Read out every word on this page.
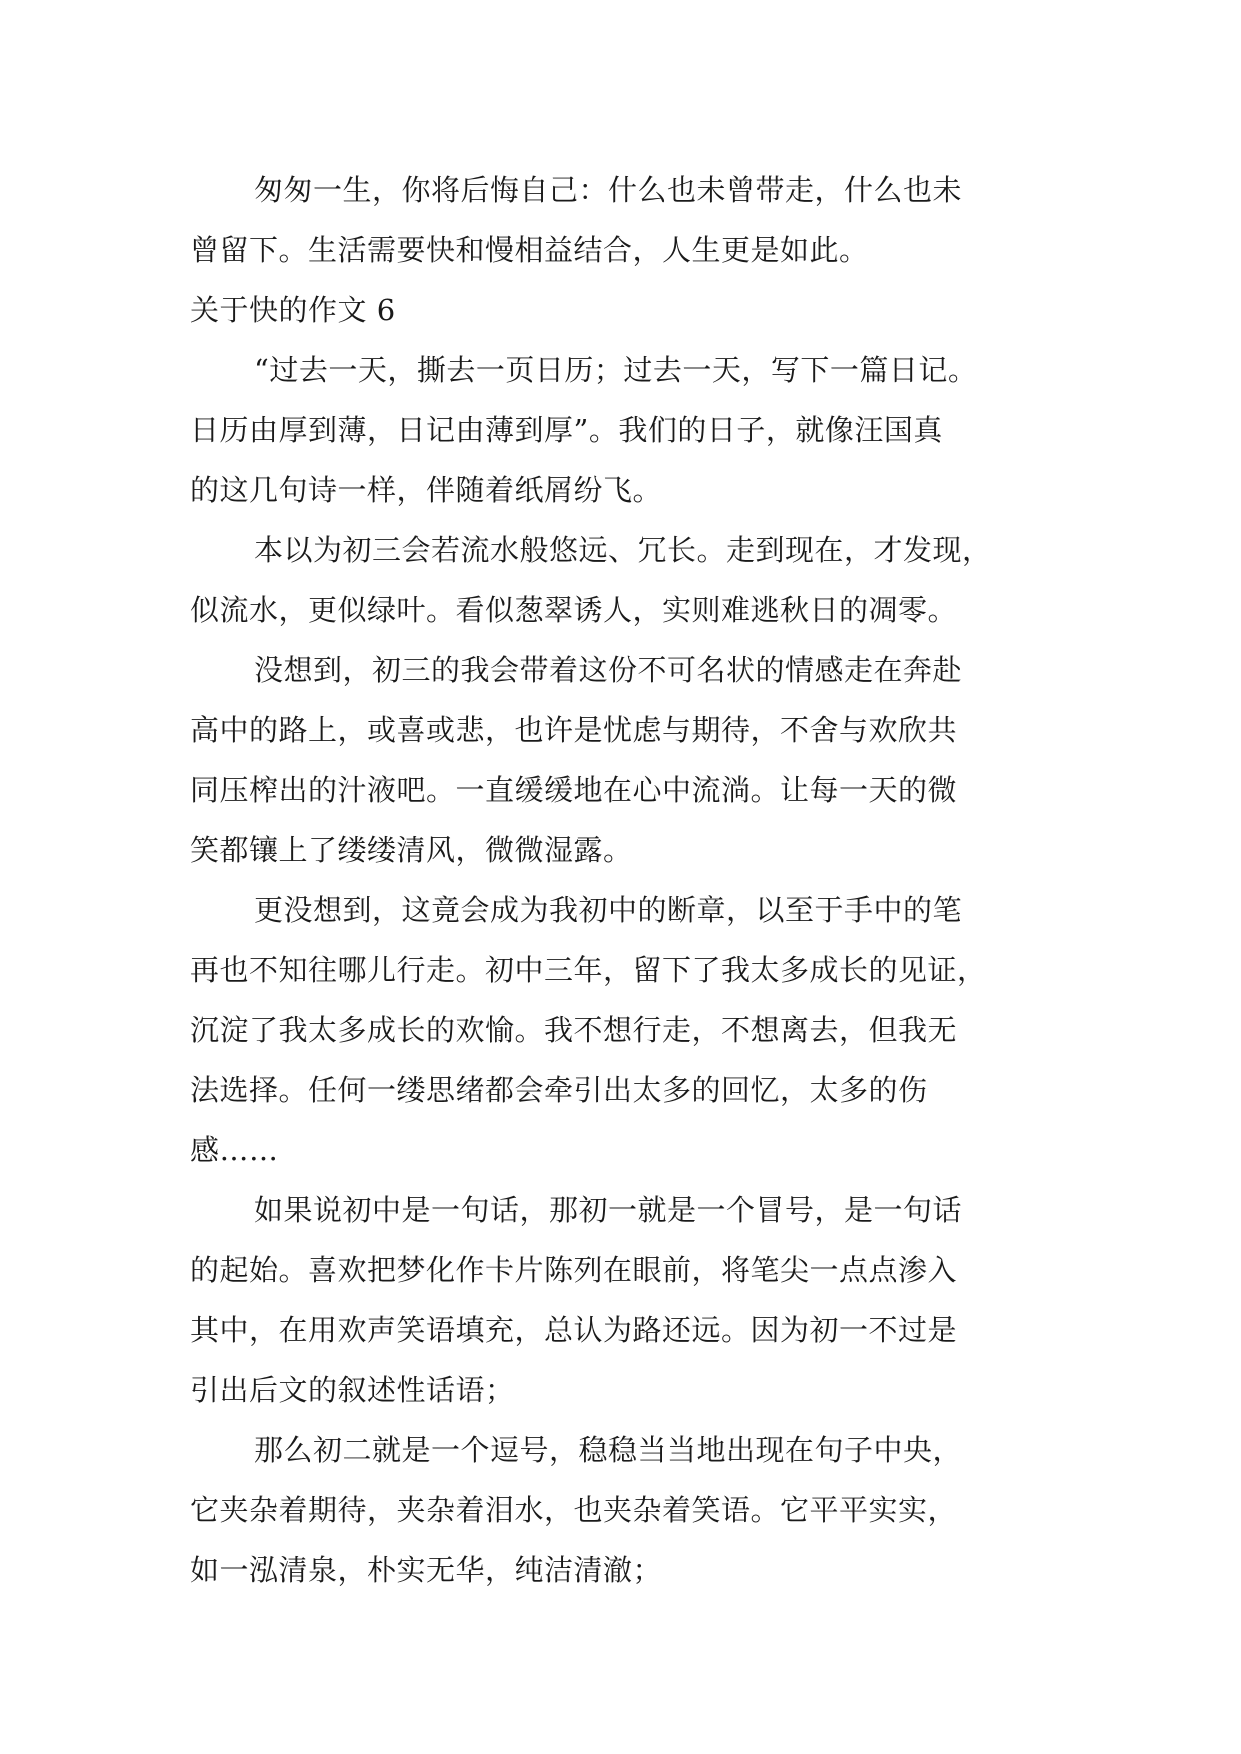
匆匆一生，你将后悔自己：什么也未曾带走，什么也未
曾留下。生活需要快和慢相益结合，人生更是如此。
关于快的作文 6
“过去一天，撕去一页日历；过去一天，写下一篇日记。
日历由厚到薄，日记由薄到厚”。我们的日子，就像汪国真
的这几句诗一样，伴随着纸屑纷飞。
本以为初三会若流水般悠远、冗长。走到现在，才发现，
似流水，更似绿叶。看似葱翠诱人，实则难逃秋日的凋零。
没想到，初三的我会带着这份不可名状的情感走在奔赴
高中的路上，或喜或悲，也许是忧虑与期待，不舍与欢欣共
同压榨出的汁液吧。一直缓缓地在心中流淌。让每一天的微
笑都镶上了缕缕清风，微微湿露。
更没想到，这竟会成为我初中的断章，以至于手中的笔
再也不知往哪儿行走。初中三年，留下了我太多成长的见证，
沉淀了我太多成长的欢愉。我不想行走，不想离去，但我无
法选择。任何一缕思绪都会牵引出太多的回忆，太多的伤
感……
如果说初中是一句话，那初一就是一个冒号，是一句话
的起始。喜欢把梦化作卡片陈列在眼前，将笔尖一点点渗入
其中，在用欢声笑语填充，总认为路还远。因为初一不过是
引出后文的叙述性话语；
那么初二就是一个逗号，稳稳当当地出现在句子中央，
它夹杂着期待，夹杂着泪水，也夹杂着笑语。它平平实实，
如一泓清泉，朴实无华，纯洁清澈；
